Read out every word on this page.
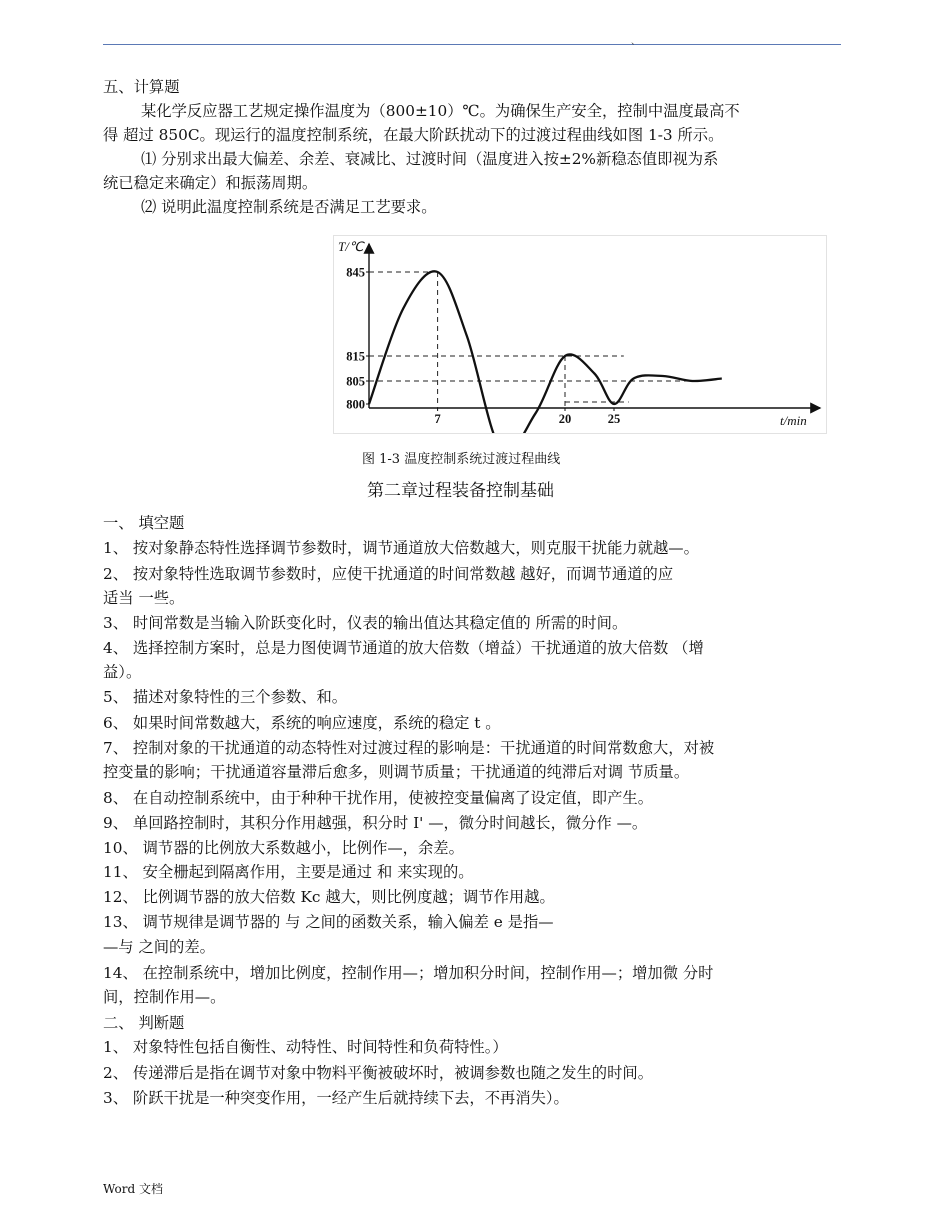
、
五、计算题
某化学反应器工艺规定操作温度为（800±10）℃。为确保生产安全，控制中温度最高不
得 超过 850C。现运行的温度控制系统，在最大阶跃扰动下的过渡过程曲线如图 1-3 所示。
⑴ 分别求出最大偏差、余差、衰减比、过渡时间（温度进入按±2%新稳态值即视为系
统已稳定来确定）和振荡周期。
⑵ 说明此温度控制系统是否满足工艺要求。
T/℃
t/min
845
815
805
800
7	20	25
图 1-3 温度控制系统过渡过程曲线
第二章过程装备控制基础
一、 填空题
1、 按对象静态特性选择调节参数时，调节通道放大倍数越大，则克服干扰能力就越—。
2、 按对象特性选取调节参数时，应使干扰通道的时间常数越 越好，而调节通道的应
适当 一些。
3、 时间常数是当输入阶跃变化时，仪表的输出值达其稳定值的 所需的时间。
4、 选择控制方案时，总是力图使调节通道的放大倍数（增益）干扰通道的放大倍数 （增
益）。
5、 描述对象特性的三个参数、和。
6、 如果时间常数越大，系统的响应速度，系统的稳定 t 。
7、 控制对象的干扰通道的动态特性对过渡过程的影响是：干扰通道的时间常数愈大，对被
控变量的影响；干扰通道容量滞后愈多，则调节质量；干扰通道的纯滞后对调 节质量。
8、 在自动控制系统中，由于种种干扰作用，使被控变量偏离了设定值，即产生。
9、 单回路控制时，其积分作用越强，积分时 I' —，微分时间越长，微分作 —。
10、 调节器的比例放大系数越小，比例作—，余差。
11、 安全栅起到隔离作用，主要是通过 和 来实现的。
12、 比例调节器的放大倍数 Kc 越大，则比例度越；调节作用越。
13、 调节规律是调节器的 与 之间的函数关系，输入偏差 e 是指—
—与 之间的差。
14、 在控制系统中，增加比例度，控制作用—；增加积分时间，控制作用—；增加微 分时
间，控制作用—。
二、 判断题
1、 对象特性包括自衡性、动特性、时间特性和负荷特性。）
2、 传递滞后是指在调节对象中物料平衡被破坏时，被调参数也随之发生的时间。
3、 阶跃干扰是一种突变作用，一经产生后就持续下去，不再消失）。
Word 文档
